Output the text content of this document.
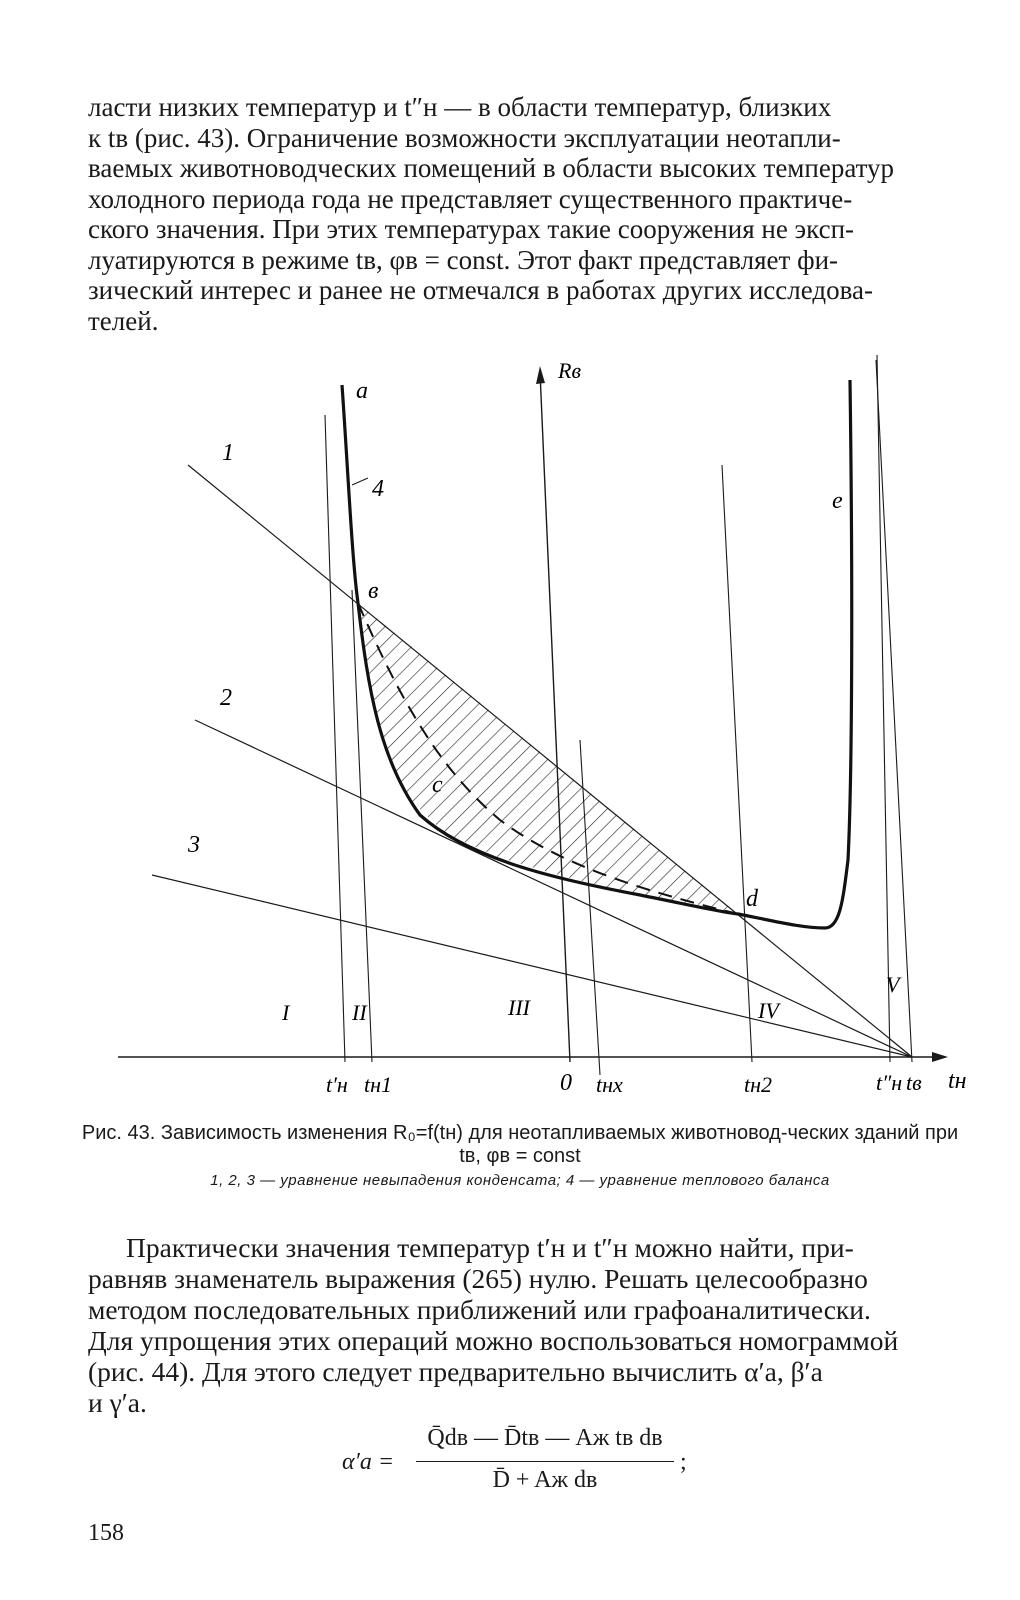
ласти низких температур и t″н — в области температур, близких

к tв (рис. 43). Ограничение возможности эксплуатации неотапли-

ваемых животноводческих помещений в области высоких температур

холодного периода года не представляет существенного практиче-

ского значения. При этих температурах такие сооружения не эксп-

луатируются в режиме tв, φв = const. Этот факт представляет фи-

зический интерес и ранее не отмечался в работах других исследова-

телей.

Rв
tн
1
2
3
4
a
в
c
d
e
I	II	III	IV
V
t′н tн1	0 tнх	tн2	t″н tв

Рис. 43. Зависимость изменения R₀=f(tн) для неотапливаемых животновод-ческих зданий при tв, φв = const

1, 2, 3 — уравнение невыпадения конденсата; 4 — уравнение теплового баланса

Практически значения температур t′н и t″н можно найти, при-

равняв знаменатель выражения (265) нулю. Решать целесообразно

методом последовательных приближений или графоаналитически.

Для упрощения этих операций можно воспользоваться номограммой

(рис. 44). Для этого следует предварительно вычислить α′а, β′а

и γ′а.

α′а =
Q̄dв — D̄tв — Aж tв dв
D̄ + Aж dв
;
158
